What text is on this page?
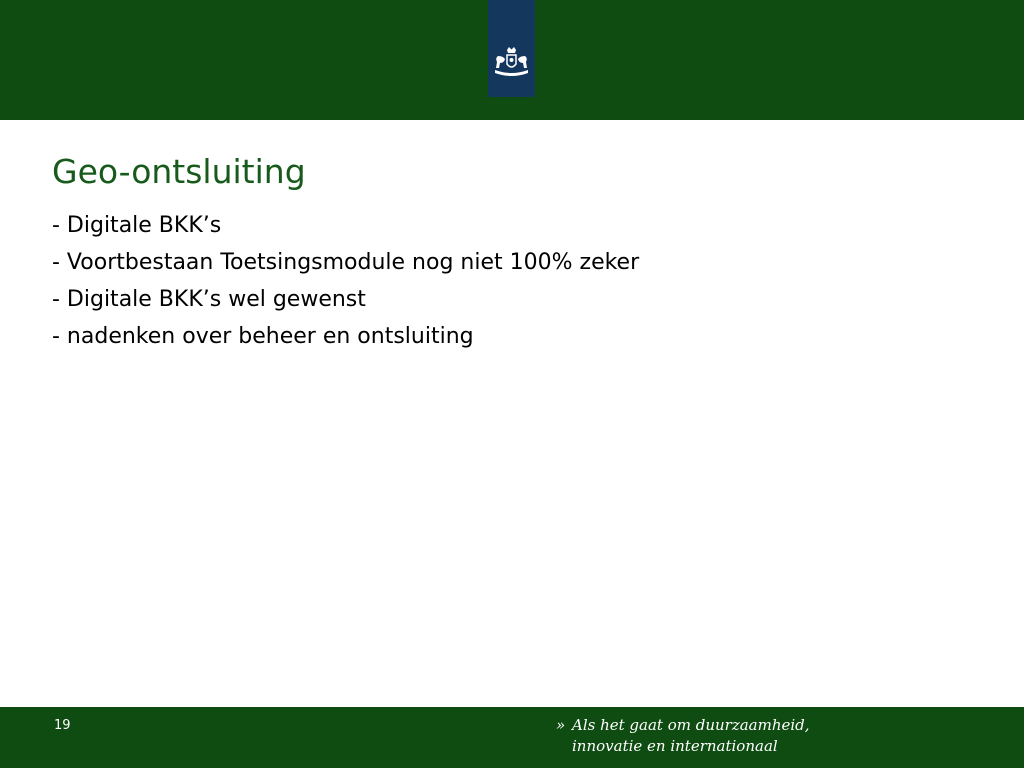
Geo-ontsluiting
- Digitale BKK’s
- Voortbestaan Toetsingsmodule nog niet 100% zeker
- Digitale BKK’s wel gewenst
- nadenken over beheer en ontsluiting
19	» Als het gaat om duurzaamheid,
innovatie en internationaal
